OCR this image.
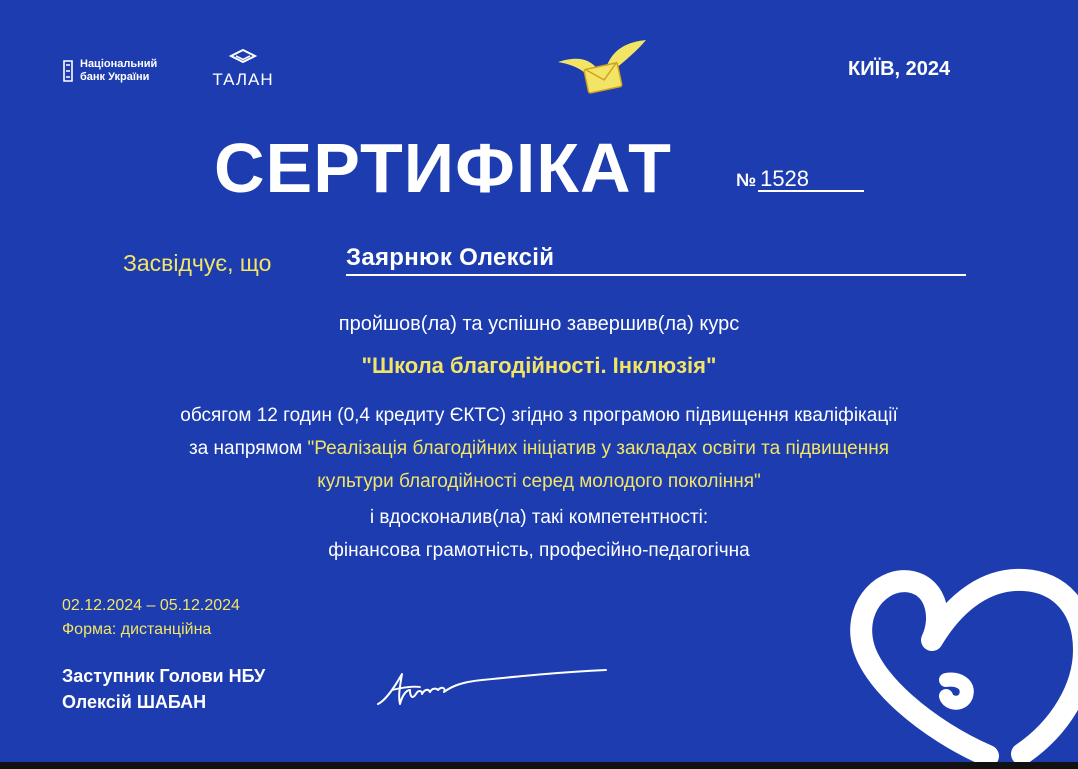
Національний
банк України	ТАЛАН	КИЇВ, 2024
СЕРТИФІКАТ	№ 1528
Засвідчує, що	Заярнюк Олексій
пройшов(ла) та успішно завершив(ла) курс
"Школа благодійності. Інклюзія"
обсягом 12 годин (0,4 кредиту ЄКТС) згідно з програмою підвищення кваліфікації
за напрямом "Реалізація благодійних ініціатив у закладах освіти та підвищення
культури благодійності серед молодого покоління"
і вдосконалив(ла) такі компетентності:
фінансова грамотність, професійно-педагогічна
02.12.2024 – 05.12.2024
Форма: дистанційна
Заступник Голови НБУ
Олексій ШАБАН
